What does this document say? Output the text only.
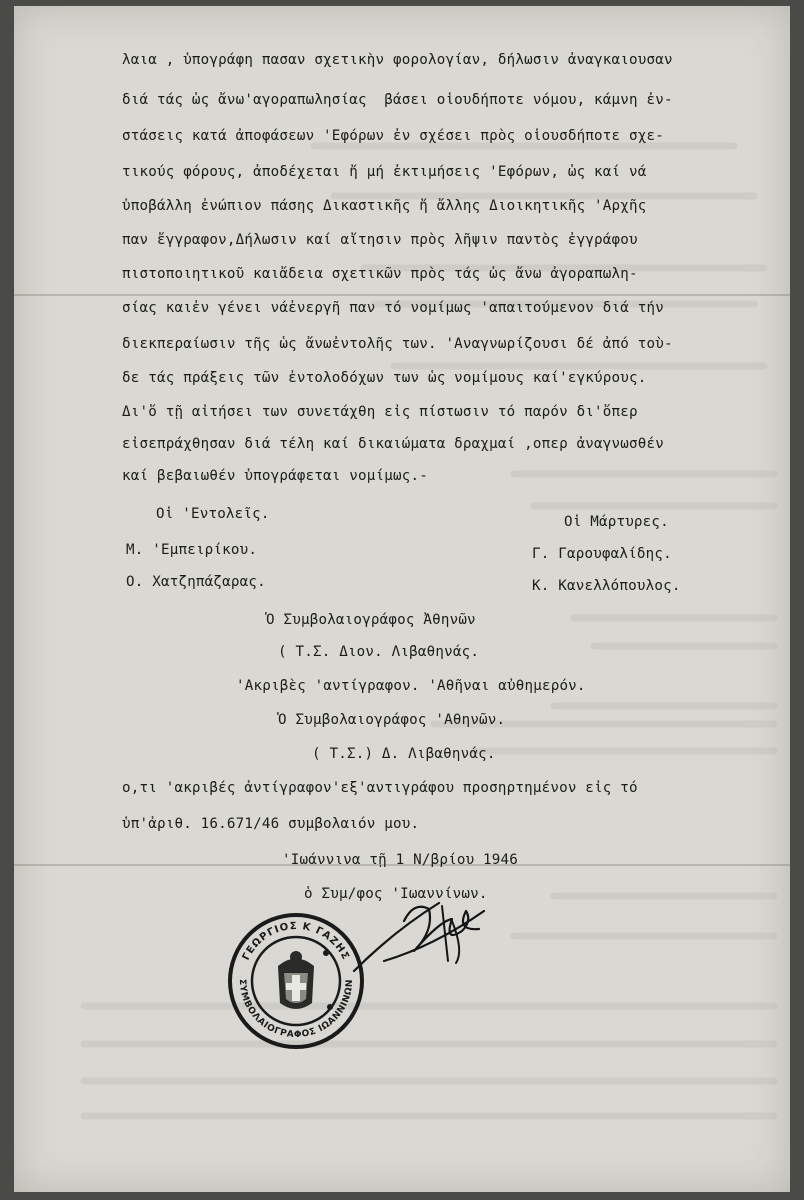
λαια , ὑπογράφη πασαν σχετικὴν φορολογίαν, δήλωσιν ἀναγκαιουσαν
διά τάς ὡς ἄνω'αγοραπωλησίας  βάσει οἱουδήποτε νόμου, κάμνη ἐν-
στάσεις κατά ἀποφάσεων 'Εφόρων ἐν σχέσει πρὸς οἱουσδήποτε σχε-
τικούς φόρους, ἀποδέχεται ἤ μή ἐκτιμήσεις 'Εφόρων, ὡς καί νά
ὑποβάλλη ἐνώπιον πάσης Δικαστικῆς ἤ ἄλλης Διοικητικῆς 'Αρχῆς
παν ἔγγραφον,Δήλωσιν καί αἴτησιν πρὸς λῆψιν παντὸς ἐγγράφου
πιστοποιητικοῦ καιἄδεια σχετικῶν πρὸς τάς ὡς ἄνω ἀγοραπωλη-
σίας καιἐν γένει νάἐνεργῆ παν τό νομίμως 'απαιτούμενον διά τήν
διεκπεραίωσιν τῆς ὡς ἄνωἐντολῆς των. 'Αναγνωρίζουσι δέ ἀπό τοὺ-
δε τάς πράξεις τῶν ἐντολοδόχων των ὡς νομίμους καί'εγκύρους.
Δι'ὅ τῇ αἰτήσει των συνετάχθη εἰς πίστωσιν τό παρόν δι'ὅπερ
εἰσεπράχθησαν διά τέλη καί δικαιώματα δραχμαί ,οπερ ἀναγνωσθέν
καί βεβαιωθέν ὑπογράφεται νομίμως.-
Οἱ 'Εντολεῖς.
Μ. 'Εμπειρίκου.
Ο. Χατζηπάζαρας.
Οἱ Μάρτυρες.
Γ. Γαρουφαλίδης.
Κ. Κανελλόπουλος.
Ὁ Συμβολαιογράφος Ἀθηνῶν
( Τ.Σ. Διον. Λιβαθηνάς.
'Ακριβὲς 'αντίγραφον. 'Αθῆναι αὐθημερόν.
Ὁ Συμβολαιογράφος 'Αθηνῶν.
( Τ.Σ.) Δ. Λιβαθηνάς.
ο,τι 'ακριβές ἀντίγραφον'εξ'αντιγράφου προσηρτημένον εἰς τό
ὑπ'ἀριθ. 16.671/46 συμβολαιόν μου.
'Ιωάννινα τῇ 1 Ν/βρίου 1946
ὁ Συμ/φος 'Ιωαννίνων.
ΓΕΩΡΓΙΟΣ Κ ΓΑΖΗΣ
ΣΥΜΒΟΛΑΙΟΓΡΑΦΟΣ ΙΩΑΝΝΙΝΩΝ
